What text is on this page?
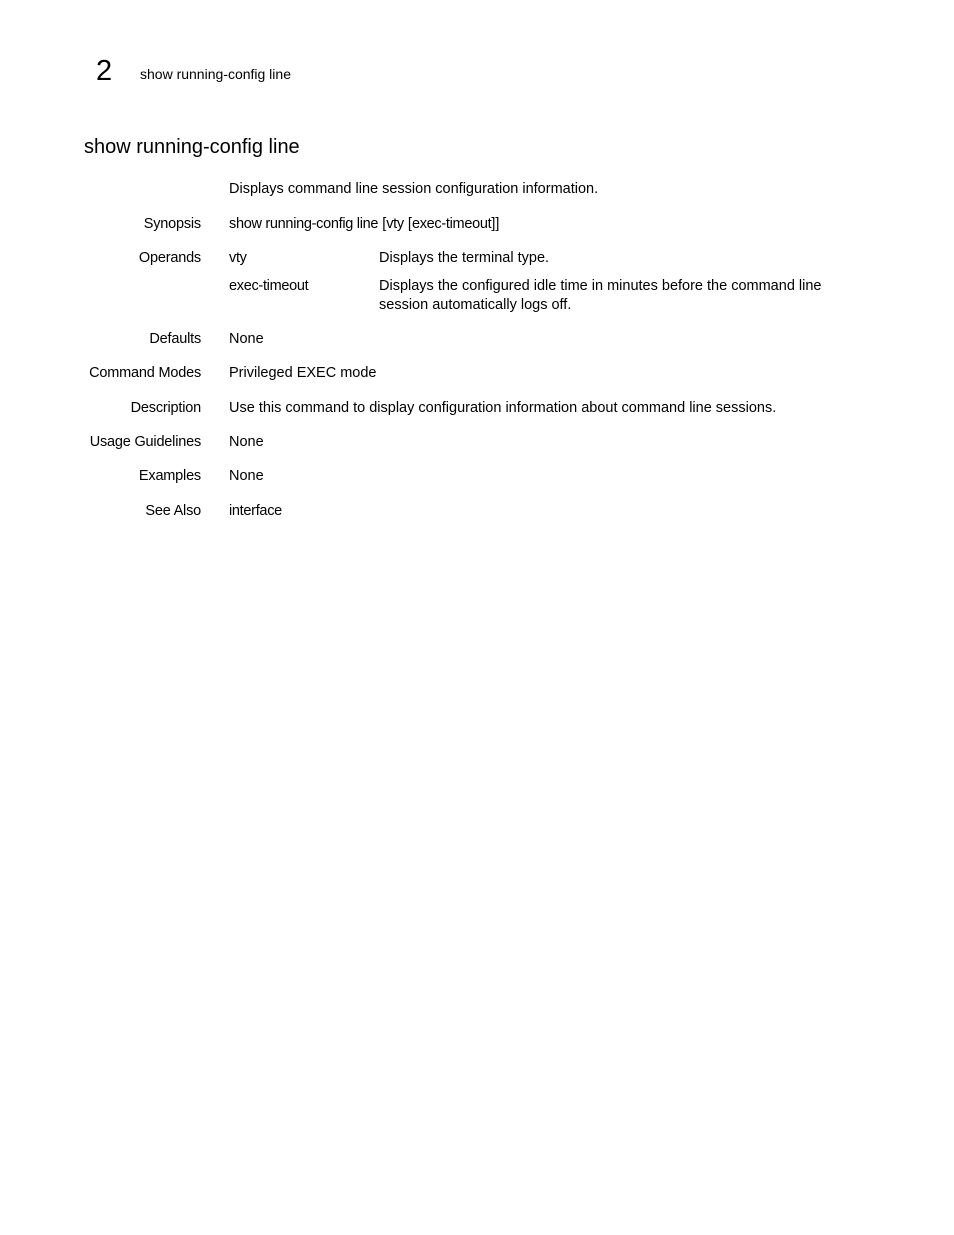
2 show running-config line
show running-config line
Displays command line session configuration information.
Synopsis show running-config line [vty [exec-timeout]]
Operands vty	Displays the terminal type.
exec-timeout	Displays the configured idle time in minutes before the command line session automatically logs off.
Defaults None
Command Modes Privileged EXEC mode
Description Use this command to display configuration information about command line sessions.
Usage Guidelines None
Examples None
See Also interface
